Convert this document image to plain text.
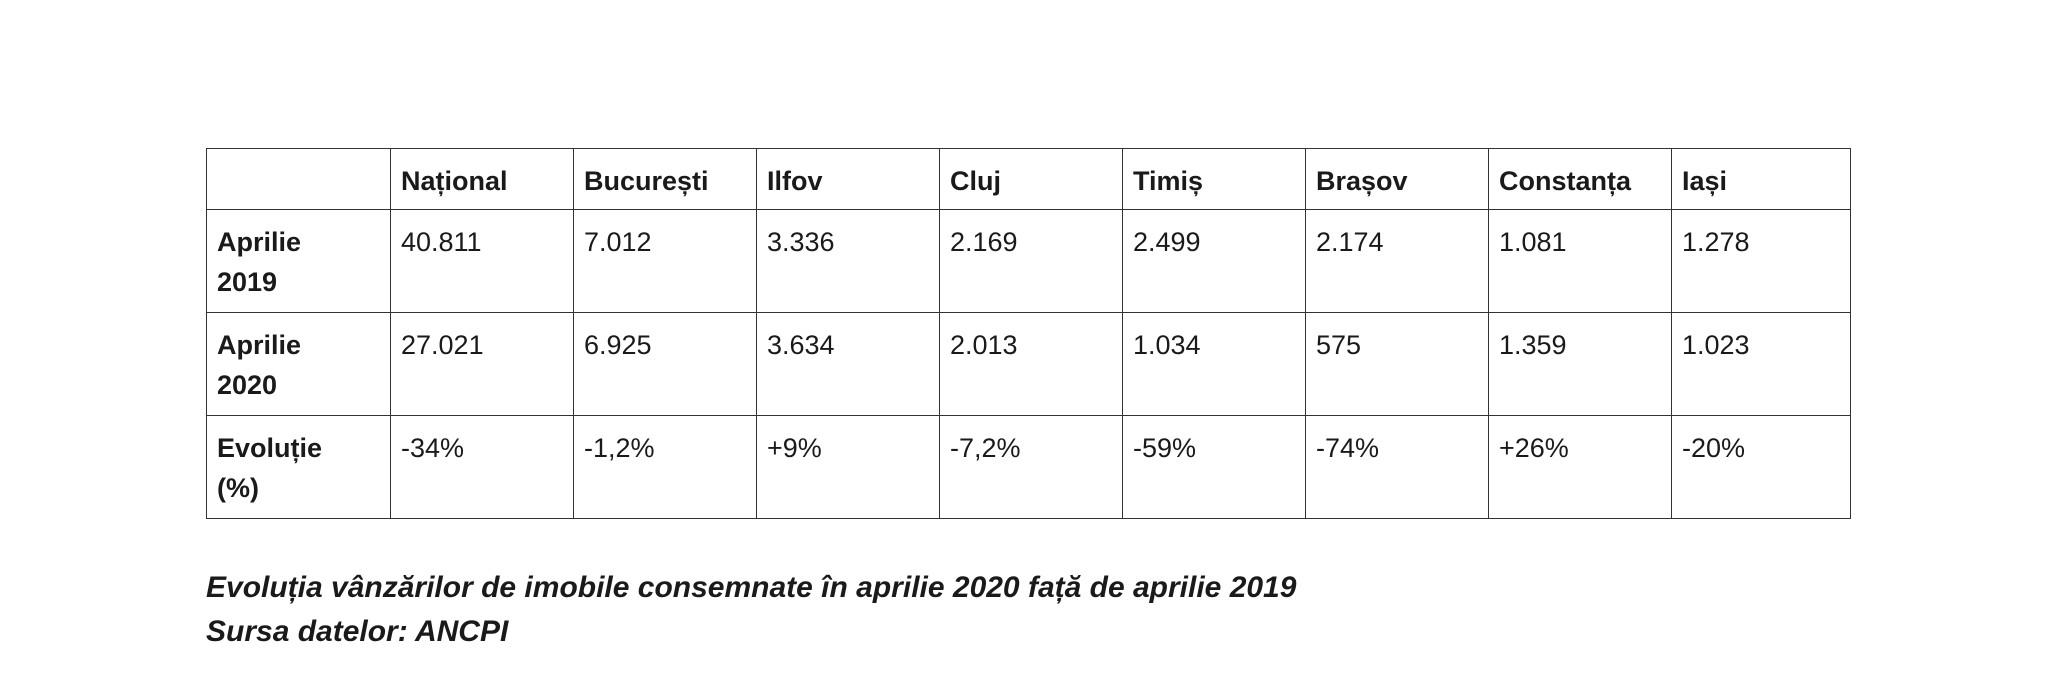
	Național	București	Ilfov	Cluj	Timiș	Brașov	Constanța	Iași
Aprilie
2019	40.811	7.012	3.336	2.169	2.499	2.174	1.081	1.278
Aprilie
2020	27.021	6.925	3.634	2.013	1.034	575	1.359	1.023
Evoluție
(%)	-34%	-1,2%	+9%	-7,2%	-59%	-74%	+26%	-20%
Evoluția vânzărilor de imobile consemnate în aprilie 2020 față de aprilie 2019
Sursa datelor: ANCPI
